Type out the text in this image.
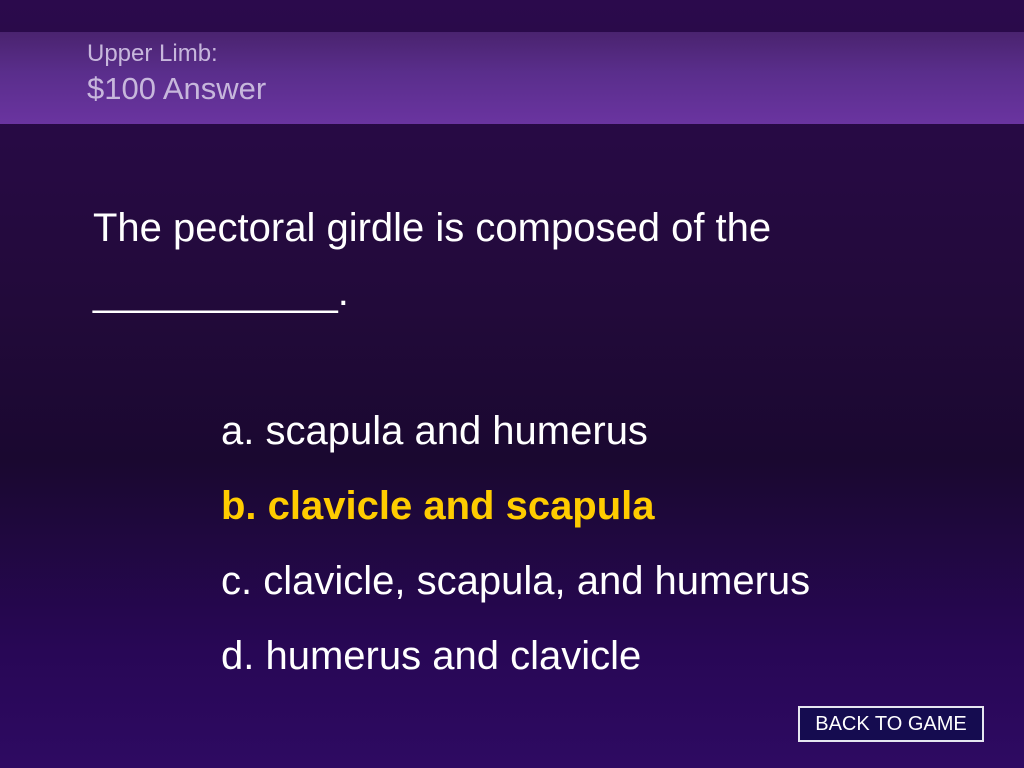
Upper Limb:
$100 Answer
The pectoral girdle is composed of the
___________.
a. scapula and humerus
b. clavicle and scapula
c. clavicle, scapula, and humerus
d. humerus and clavicle
BACK TO GAME
